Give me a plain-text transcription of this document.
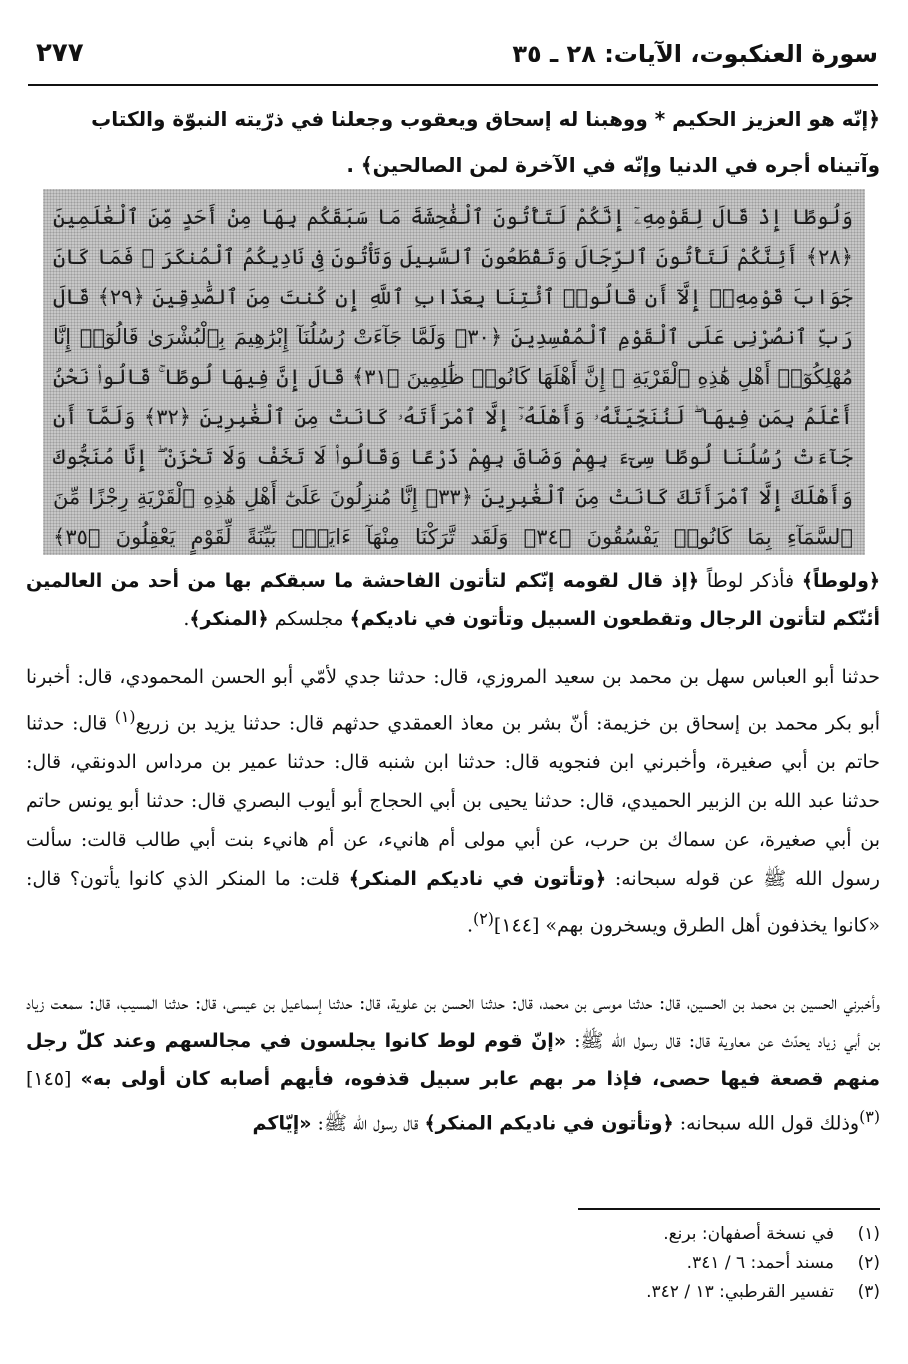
٢٧٧	سورة العنكبوت، الآيات: ٢٨ ـ ٣٥
﴿إنّه هو العزيز الحكيم * ووهبنا له إسحاق ويعقوب وجعلنا في ذرّيته النبوّة والكتاب
وآتيناه أجره في الدنيا وإنّه في الآخرة لمن الصالحين﴾ .
وَلُوطًا إِذْ قَالَ لِقَوْمِهِۦٓ إِنَّكُمْ لَتَأْتُونَ ٱلْفَٰحِشَةَ مَا سَبَقَكُم بِهَا مِنْ أَحَدٍ مِّنَ ٱلْعَٰلَمِينَ ﴿٢٨﴾ أَئِنَّكُمْ لَتَأْتُونَ ٱلرِّجَالَ وَتَقْطَعُونَ ٱلسَّبِيلَ وَتَأْتُونَ فِى نَادِيكُمُ ٱلْمُنكَرَ ۖ فَمَا كَانَ جَوَابَ قَوْمِهِۦٓ إِلَّآ أَن قَالُوا۟ ٱئْتِنَا بِعَذَابِ ٱللَّهِ إِن كُنتَ مِنَ ٱلصَّٰدِقِينَ ﴿٢٩﴾ قَالَ رَبِّ ٱنصُرْنِى عَلَى ٱلْقَوْمِ ٱلْمُفْسِدِينَ ﴿٣٠﴾ وَلَمَّا جَآءَتْ رُسُلُنَآ إِبْرَٰهِيمَ بِٱلْبُشْرَىٰ قَالُوٓا۟ إِنَّا مُهْلِكُوٓا۟ أَهْلِ هَٰذِهِ ٱلْقَرْيَةِ ۖ إِنَّ أَهْلَهَا كَانُوا۟ ظَٰلِمِينَ ﴿٣١﴾ قَالَ إِنَّ فِيهَا لُوطًا ۚ قَالُوا۟ نَحْنُ أَعْلَمُ بِمَن فِيهَا ۖ لَنُنَجِّيَنَّهُۥ وَأَهْلَهُۥٓ إِلَّا ٱمْرَأَتَهُۥ كَانَتْ مِنَ ٱلْغَٰبِرِينَ ﴿٣٢﴾ وَلَمَّآ أَن جَآءَتْ رُسُلُنَا لُوطًا سِىٓءَ بِهِمْ وَضَاقَ بِهِمْ ذَرْعًا وَقَالُوا۟ لَا تَخَفْ وَلَا تَحْزَنْ ۖ إِنَّا مُنَجُّوكَ وَأَهْلَكَ إِلَّا ٱمْرَأَتَكَ كَانَتْ مِنَ ٱلْغَٰبِرِينَ ﴿٣٣﴾ إِنَّا مُنزِلُونَ عَلَىٰٓ أَهْلِ هَٰذِهِ ٱلْقَرْيَةِ رِجْزًا مِّنَ ٱلسَّمَآءِ بِمَا كَانُوا۟ يَفْسُقُونَ ﴿٣٤﴾ وَلَقَد تَّرَكْنَا مِنْهَآ ءَايَةًۢ بَيِّنَةً لِّقَوْمٍ يَعْقِلُونَ ﴿٣٥﴾
﴿ولوطاً﴾ فأذكر لوطاً ﴿إذ قال لقومه إنّكم لتأتون الفاحشة ما سبقكم بها من أحد من العالمين أئنّكم لتأتون الرجال وتقطعون السبيل وتأتون في ناديكم﴾ مجلسكم ﴿المنكر﴾.
حدثنا أبو العباس سهل بن محمد بن سعيد المروزي، قال: حدثنا جدي لأمّي أبو الحسن المحمودي، قال: أخبرنا أبو بكر محمد بن إسحاق بن خزيمة: أنّ بشر بن معاذ العمقدي حدثهم قال: حدثنا يزيد بن زريع$^{(١)}$ قال: حدثنا حاتم بن أبي صغيرة، وأخبرني ابن فنجويه قال: حدثنا ابن شنبه قال: حدثنا عمير بن مرداس الدونقي، قال: حدثنا عبد الله بن الزبير الحميدي، قال: حدثنا يحيى بن أبي الحجاج أبو أيوب البصري قال: حدثنا أبو يونس حاتم بن أبي صغيرة، عن سماك بن حرب، عن أبي مولى أم هانيء، عن أم هانيء بنت أبي طالب قالت: سألت رسول الله ﷺ عن قوله سبحانه: ﴿وتأتون في ناديكم المنكر﴾ قلت: ما المنكر الذي كانوا يأتون؟ قال: «كانوا يخذفون أهل الطرق ويسخرون بهم» [١٤٤]$^{(٢)}$.
وأخبرني الحسين بن محمد بن الحسين، قال: حدثنا موسى بن محمد، قال: حدثنا الحسن بن علوية، قال: حدثنا إسماعيل بن عيسى، قال: حدثنا المسيب، قال: سمعت زياد بن أبي زياد يحدّث عن معاوية قال: قال رسول الله ﷺ: «إنّ قوم لوط كانوا يجلسون في مجالسهم وعند كلّ رجل منهم قصعة فيها حصى، فإذا مر بهم عابر سبيل قذفوه، فأيهم أصابه كان أولى به» [١٤٥]$^{(٣)}$وذلك قول الله سبحانه: ﴿وتأتون في ناديكم المنكر﴾ قال رسول الله ﷺ: «إيّاكم
(١)في نسخة أصفهان: برنع.
(٢)مسند أحمد: ٦ / ٣٤١.
(٣)تفسير القرطبي: ١٣ / ٣٤٢.
